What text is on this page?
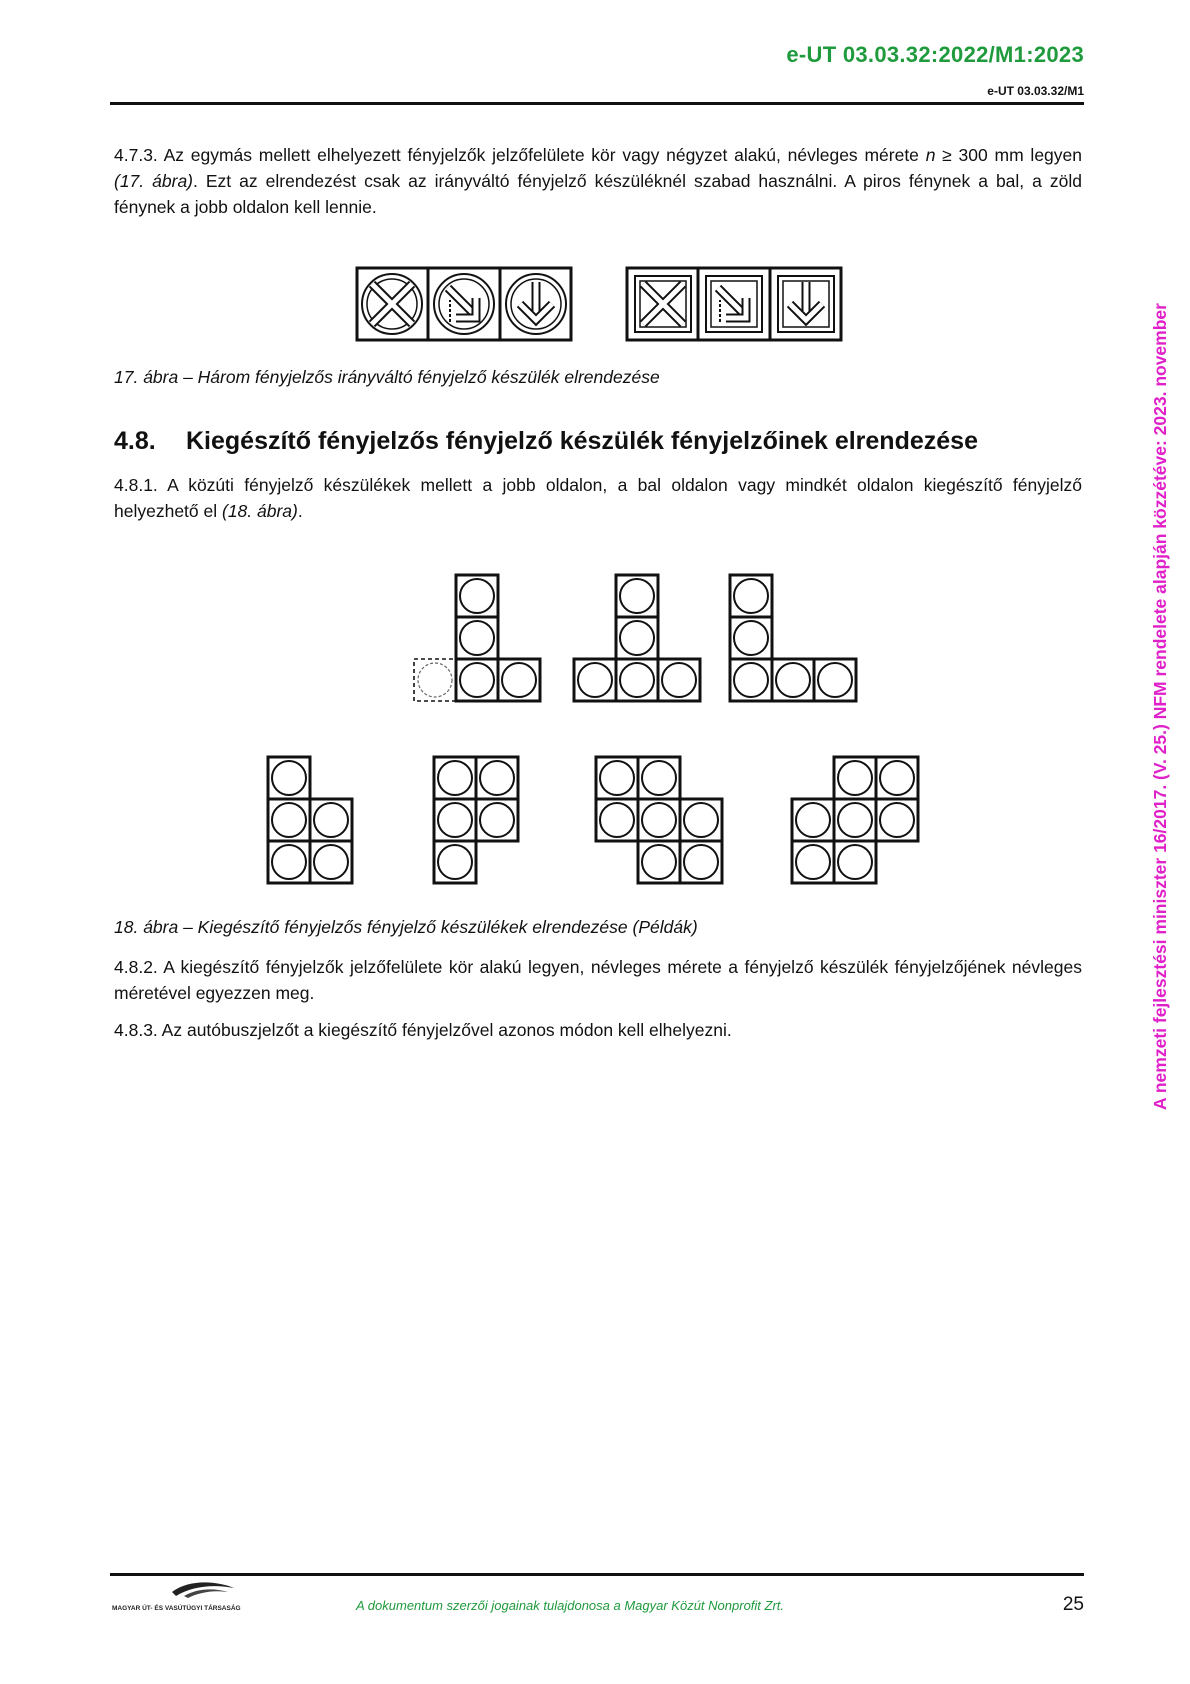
e-UT 03.03.32:2022/M1:2023
e-UT 03.03.32/M1
4.7.3. Az egymás mellett elhelyezett fényjelzők jelzőfelülete kör vagy négyzet alakú, névleges mérete n ≥ 300 mm legyen (17. ábra). Ezt az elrendezést csak az irányváltó fényjelző készüléknél szabad használni. A piros fénynek a bal, a zöld fénynek a jobb oldalon kell lennie.
17. ábra – Három fényjelzős irányváltó fényjelző készülék elrendezése
4.8. Kiegészítő fényjelzős fényjelző készülék fényjelzőinek elrendezése
4.8.1. A közúti fényjelző készülékek mellett a jobb oldalon, a bal oldalon vagy mindkét oldalon kiegészítő fényjelző helyezhető el (18. ábra).
18. ábra – Kiegészítő fényjelzős fényjelző készülékek elrendezése (Példák)
4.8.2. A kiegészítő fényjelzők jelzőfelülete kör alakú legyen, névleges mérete a fényjelző készülék fényjelzőjének névleges méretével egyezzen meg.
4.8.3. Az autóbuszjelzőt a kiegészítő fényjelzővel azonos módon kell elhelyezni.	A nemzeti fejlesztési miniszter 16/2017. (V. 25.) NFM rendelete alapján közzétéve: 2023. november
MAGYAR ÚT- ÉS VASÚTÜGYI TÁRSASÁG	A dokumentum szerzői jogainak tulajdonosa a Magyar Közút Nonprofit Zrt.	25
